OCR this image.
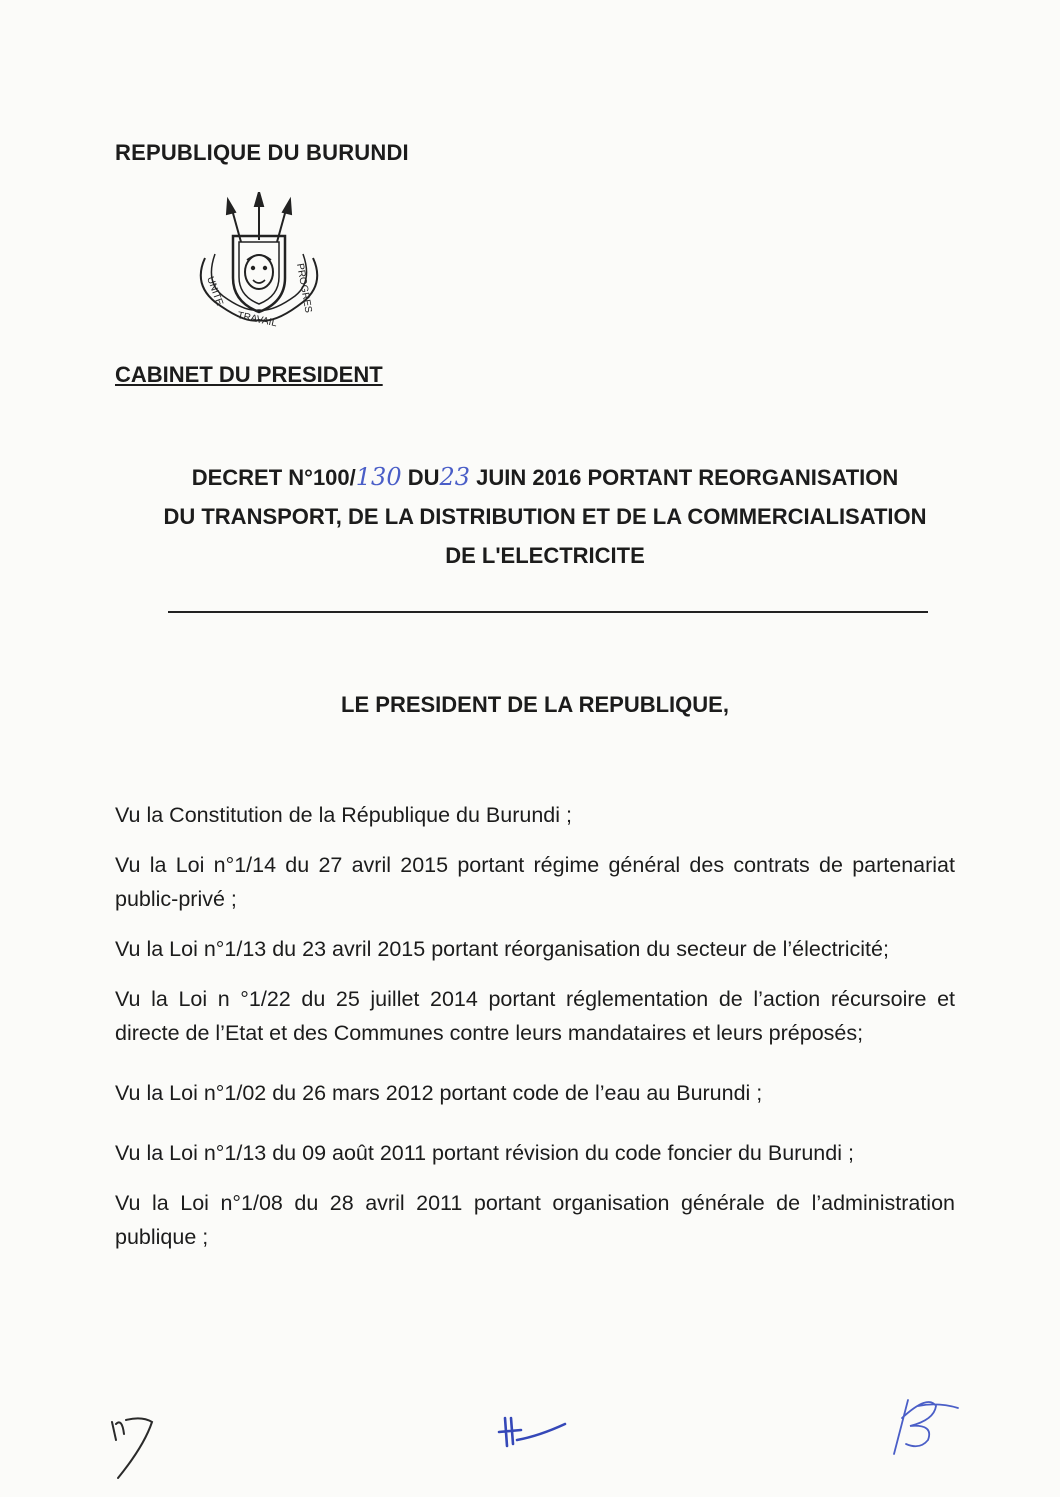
REPUBLIQUE DU BURUNDI
UNITE
TRAVAIL
PROGRES
CABINET DU PRESIDENT
DECRET N°100/130 DU23 JUIN 2016 PORTANT REORGANISATION
DU TRANSPORT, DE LA DISTRIBUTION ET DE LA COMMERCIALISATION
DE L'ELECTRICITE
LE PRESIDENT DE LA REPUBLIQUE,

Vu la Constitution de la République du Burundi ;

Vu la Loi n°1/14 du 27 avril 2015 portant régime général des contrats de partenariat public-privé ;

Vu la Loi n°1/13 du 23 avril 2015 portant réorganisation du secteur de l’électricité;

Vu la Loi n °1/22 du 25 juillet 2014 portant réglementation de l’action récursoire et directe de l’Etat et des Communes contre leurs mandataires et leurs préposés;

Vu la Loi n°1/02 du 26 mars 2012 portant code de l’eau au Burundi ;

Vu la Loi n°1/13 du 09 août 2011 portant révision du code foncier du Burundi ;

Vu la Loi n°1/08 du 28 avril 2011 portant organisation générale de l’administration publique ;
